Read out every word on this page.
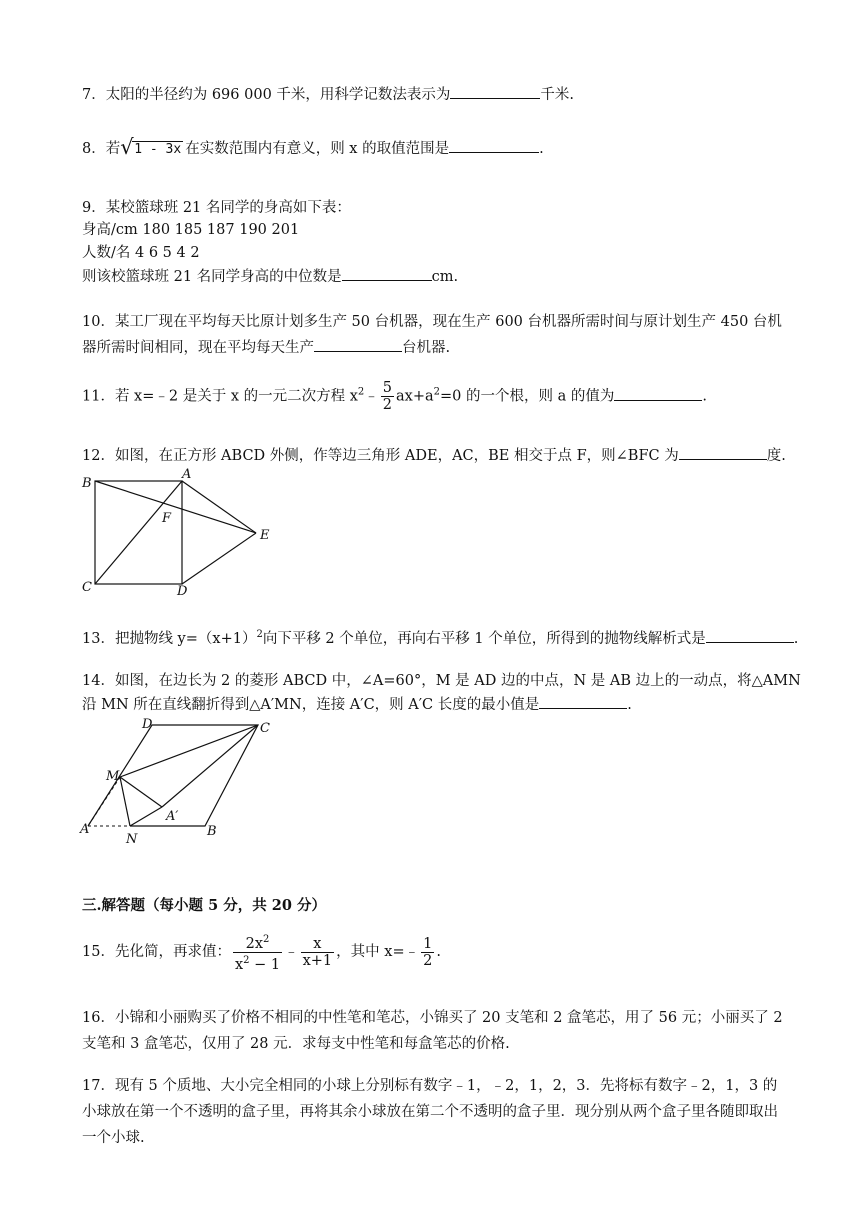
7．太阳的半径约为 696 000 千米，用科学记数法表示为	千米.
8．若 √ 1 - 3x 在实数范围内有意义，则 x 的取值范围是	.
9．某校篮球班 21 名同学的身高如下表：
身高/cm 180 185 187 190 201
人数/名 4 6 5 4 2
则该校篮球班 21 名同学身高的中位数是	cm.
10．某工厂现在平均每天比原计划多生产 50 台机器，现在生产 600 台机器所需时间与原计划生产 450 台机器所需时间相同，现在平均每天生产	台机器.
11．若 x=﹣2 是关于 x 的一元二次方程 $x^2﹣ \frac{5}{2} ax+a^2=0$ 的一个根，则 a 的值为	.
12．如图，在正方形 ABCD 外侧，作等边三角形 ADE，AC，BE 相交于点 F，则∠BFC 为	度.
A
B
C	D
E
F
13．把抛物线 $y=(x+1)^2$向下平移 2 个单位，再向右平移 1 个单位，所得到的抛物线解析式是	.
14．如图，在边长为 2 的菱形 ABCD 中，∠A=60°，M 是 AD 边的中点，N 是 AB 边上的一动点，将△AMN
沿 MN 所在直线翻折得到△A′MN，连接 A′C，则 A′C 长度的最小值是	.
A	B
C
D
M
N
A′
三.解答题（每小题 5 分，共 20 分）
15．先化简，再求值： $\frac{2x^2}{x^2 - 1}$ ﹣ $\frac{x}{x+1}$ ，其中 x=﹣ $\frac{1}{2}$ .
16．小锦和小丽购买了价格不相同的中性笔和笔芯，小锦买了 20 支笔和 2 盒笔芯，用了 56 元；小丽买了 2 支笔和 3 盒笔芯，仅用了 28 元．求每支中性笔和每盒笔芯的价格.
17．现有 5 个质地、大小完全相同的小球上分别标有数字﹣1，﹣2，1，2，3．先将标有数字﹣2，1，3 的小球放在第一个不透明的盒子里，再将其余小球放在第二个不透明的盒子里．现分别从两个盒子里各随即取出一个小球.
